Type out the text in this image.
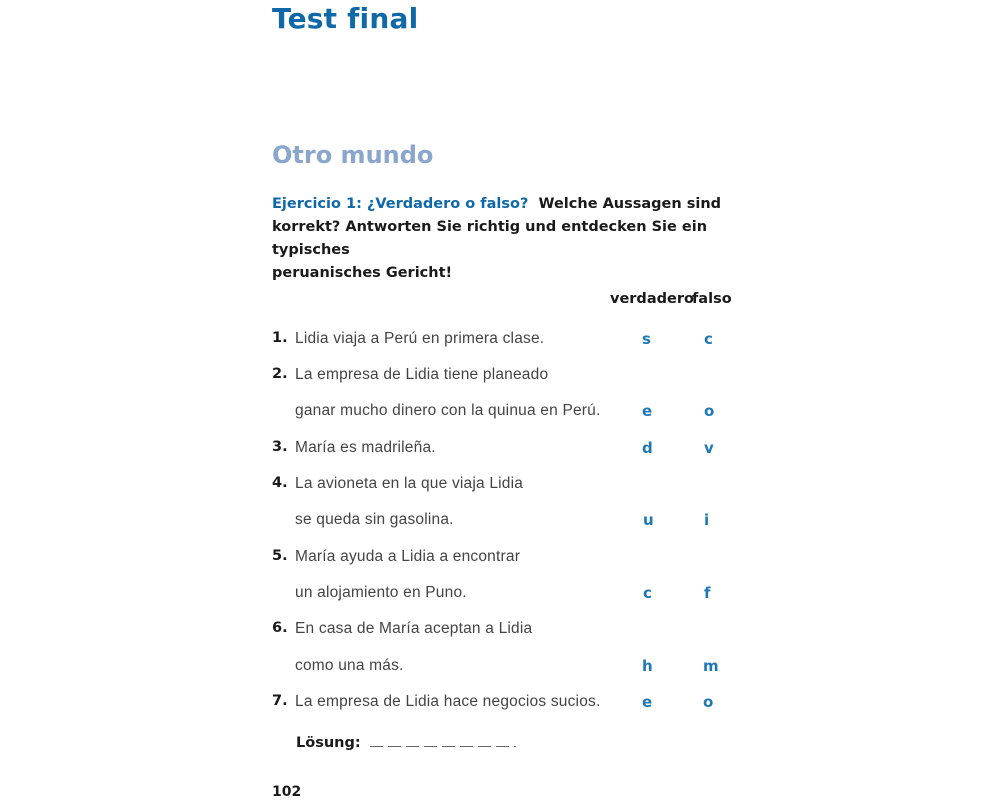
Test final
Otro mundo
Ejercicio 1: ¿Verdadero o falso? Welche Aussagen sind
korrekt? Antworten Sie richtig und entdecken Sie ein typisches
peruanisches Gericht!
verdadero
falso
1. Lidia viaja a Perú en primera clase.	s	c
2. La empresa de Lidia tiene planeado
ganar mucho dinero con la quinua en Perú.	e	o
3. María es madrileña.	d	v
4. La avioneta en la que viaja Lidia
se queda sin gasolina.	u	i
5. María ayuda a Lidia a encontrar
un alojamiento en Puno.	c	f
6. En casa de María aceptan a Lidia
como una más.	h	m
7. La empresa de Lidia hace negocios sucios.	e	o
Lösung:
102
